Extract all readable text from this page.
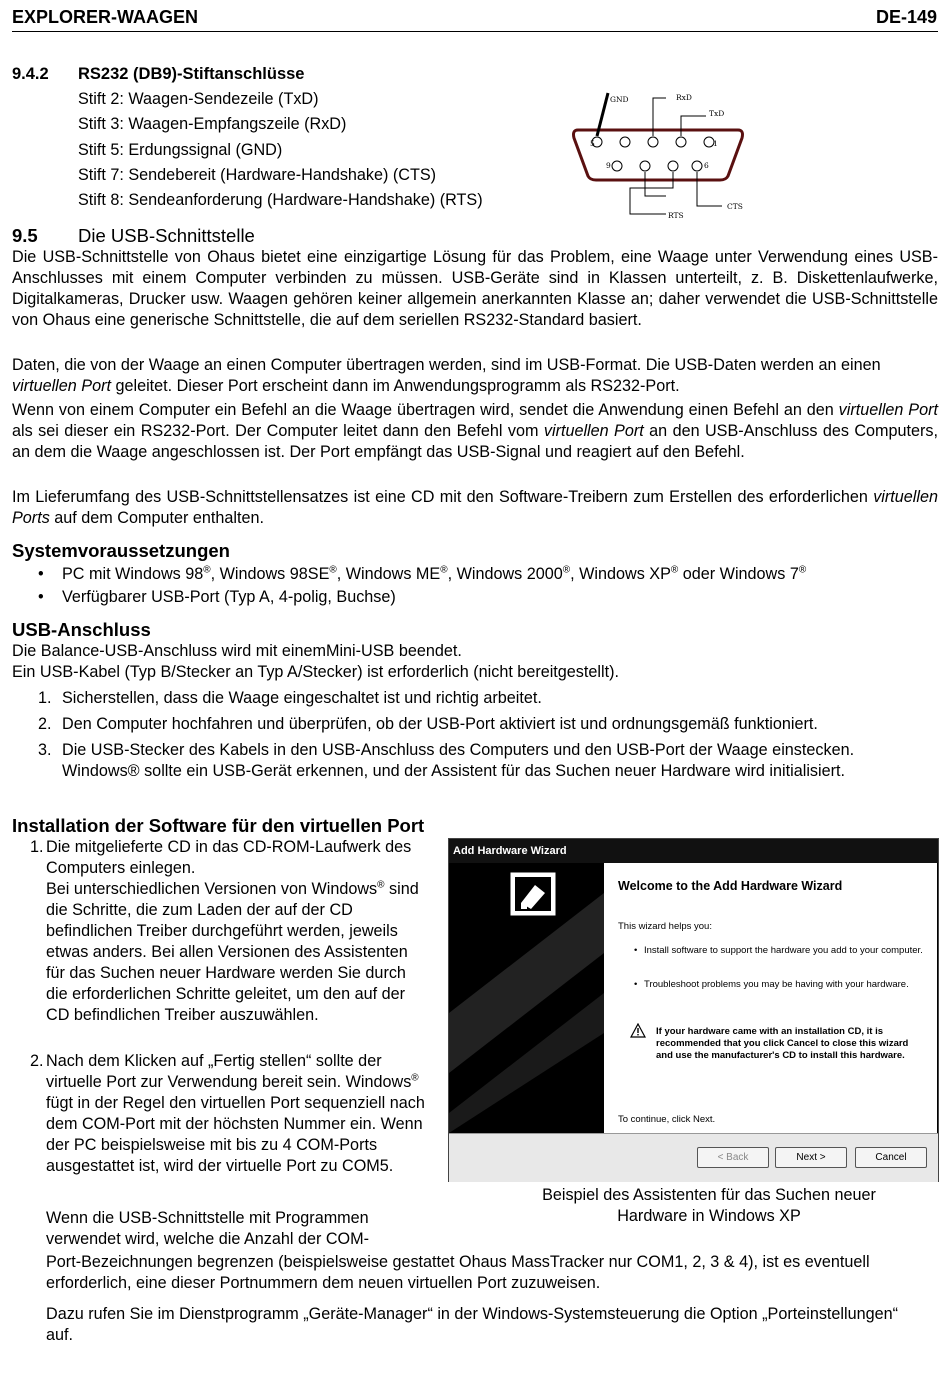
EXPLORER-WAAGEN	DE-149
9.4.2 RS232 (DB9)-Stiftanschlüsse
Stift 2: Waagen-Sendezeile (TxD)
Stift 3: Waagen-Empfangszeile (RxD)
Stift 5: Erdungssignal (GND)
Stift 7: Sendebereit (Hardware-Handshake) (CTS)
Stift 8: Sendeanforderung (Hardware-Handshake) (RTS)
GND	RxD
TxD
5	1
9	6
RTS
CTS
9.5 Die USB-Schnittstelle
Die USB-Schnittstelle von Ohaus bietet eine einzigartige Lösung für das Problem, eine Waage unter Verwendung eines USB-Anschlusses mit einem Computer verbinden zu müssen. USB-Geräte sind in Klassen unterteilt, z. B. Diskettenlaufwerke, Digitalkameras, Drucker usw. Waagen gehören keiner allgemein anerkannten Klasse an; daher verwendet die USB-Schnittstelle von Ohaus eine generische Schnittstelle, die auf dem seriellen RS232-Standard basiert.
Daten, die von der Waage an einen Computer übertragen werden, sind im USB-Format. Die USB-Daten werden an einen virtuellen Port geleitet. Dieser Port erscheint dann im Anwendungsprogramm als RS232-Port.
Wenn von einem Computer ein Befehl an die Waage übertragen wird, sendet die Anwendung einen Befehl an den virtuellen Port als sei dieser ein RS232-Port. Der Computer leitet dann den Befehl vom virtuellen Port an den USB-Anschluss des Computers, an dem die Waage angeschlossen ist. Der Port empfängt das USB-Signal und reagiert auf den Befehl.
Im Lieferumfang des USB-Schnittstellensatzes ist eine CD mit den Software-Treibern zum Erstellen des erforderlichen virtuellen Ports auf dem Computer enthalten.
Systemvoraussetzungen
• PC mit Windows 98®, Windows 98SE®, Windows ME®, Windows 2000®, Windows XP® oder Windows 7®
• Verfügbarer USB-Port (Typ A, 4-polig, Buchse)
USB-Anschluss
Die Balance-USB-Anschluss wird mit einemMini-USB beendet.
Ein USB-Kabel (Typ B/Stecker an Typ A/Stecker) ist erforderlich (nicht bereitgestellt).
1. Sicherstellen, dass die Waage eingeschaltet ist und richtig arbeitet.
2. Den Computer hochfahren und überprüfen, ob der USB-Port aktiviert ist und ordnungsgemäß funktioniert.
3. Die USB-Stecker des Kabels in den USB-Anschluss des Computers und den USB-Port der Waage einstecken. Windows® sollte ein USB-Gerät erkennen, und der Assistent für das Suchen neuer Hardware wird initialisiert.
Installation der Software für den virtuellen Port
1. Die mitgelieferte CD in das CD-ROM-Laufwerk des Computers einlegen.
Bei unterschiedlichen Versionen von Windows® sind die Schritte, die zum Laden der auf der CD befindlichen Treiber durchgeführt werden, jeweils etwas anders. Bei allen Versionen des Assistenten für das Suchen neuer Hardware werden Sie durch die erforderlichen Schritte geleitet, um den auf der CD befindlichen Treiber auszuwählen.
2. Nach dem Klicken auf „Fertig stellen“ sollte der virtuelle Port zur Verwendung bereit sein. Windows® fügt in der Regel den virtuellen Port sequenziell nach dem COM-Port mit der höchsten Nummer ein. Wenn der PC beispielsweise mit bis zu 4 COM-Ports ausgestattet ist, wird der virtuelle Port zu COM5.
Wenn die USB-Schnittstelle mit Programmen verwendet wird, welche die Anzahl der COM-
Port-Bezeichnungen begrenzen (beispielsweise gestattet Ohaus MassTracker nur COM1, 2, 3 & 4), ist es eventuell erforderlich, eine dieser Portnummern dem neuen virtuellen Port zuzuweisen.
Dazu rufen Sie im Dienstprogramm „Geräte-Manager“ in der Windows-Systemsteuerung die Option „Porteinstellungen“ auf.
Add Hardware Wizard
Welcome to the Add Hardware Wizard
This wizard helps you:
• Install software to support the hardware you add to your computer.
• Troubleshoot problems you may be having with your hardware.
If your hardware came with an installation CD, it is recommended that you click Cancel to close this wizard and use the manufacturer's CD to install this hardware.
To continue, click Next.
< Back	Next >	Cancel
Beispiel des Assistenten für das Suchen neuer Hardware in Windows XP
